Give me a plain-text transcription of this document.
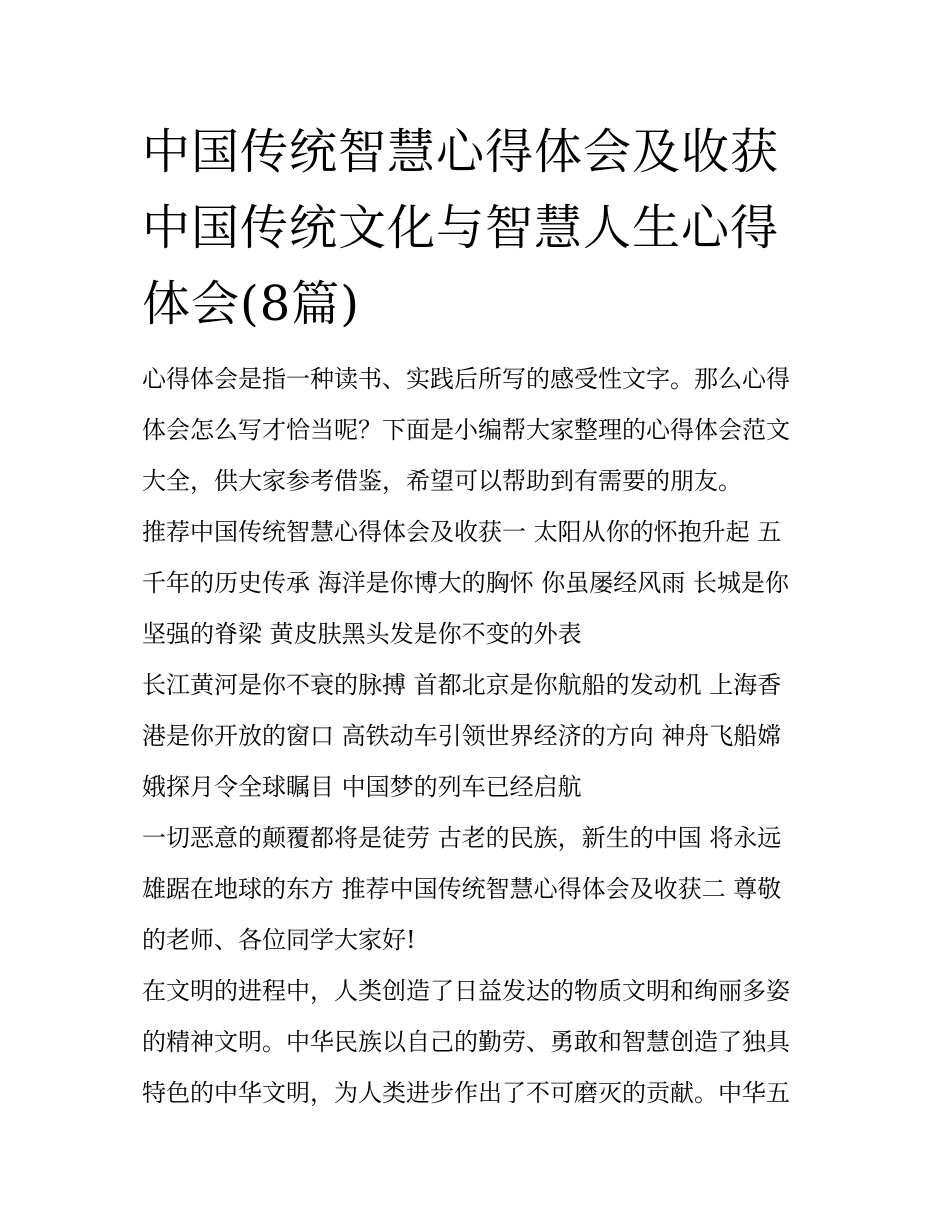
中国传统智慧心得体会及收获
中国传统文化与智慧人生心得
体会(8篇)

心得体会是指一种读书、实践后所写的感受性文字。那么心得
体会怎么写才恰当呢？下面是小编帮大家整理的心得体会范文
大全，供大家参考借鉴，希望可以帮助到有需要的朋友。

推荐中国传统智慧心得体会及收获一 太阳从你的怀抱升起 五
千年的历史传承 海洋是你博大的胸怀 你虽屡经风雨 长城是你
坚强的脊梁 黄皮肤黑头发是你不变的外表

长江黄河是你不衰的脉搏 首都北京是你航船的发动机 上海香
港是你开放的窗口 高铁动车引领世界经济的方向 神舟飞船嫦
娥探月令全球瞩目 中国梦的列车已经启航

一切恶意的颠覆都将是徒劳 古老的民族，新生的中国 将永远
雄踞在地球的东方 推荐中国传统智慧心得体会及收获二 尊敬
的老师、各位同学大家好!

在文明的进程中，人类创造了日益发达的物质文明和绚丽多姿
的精神文明。中华民族以自己的勤劳、勇敢和智慧创造了独具
特色的中华文明，为人类进步作出了不可磨灭的贡献。中华五
